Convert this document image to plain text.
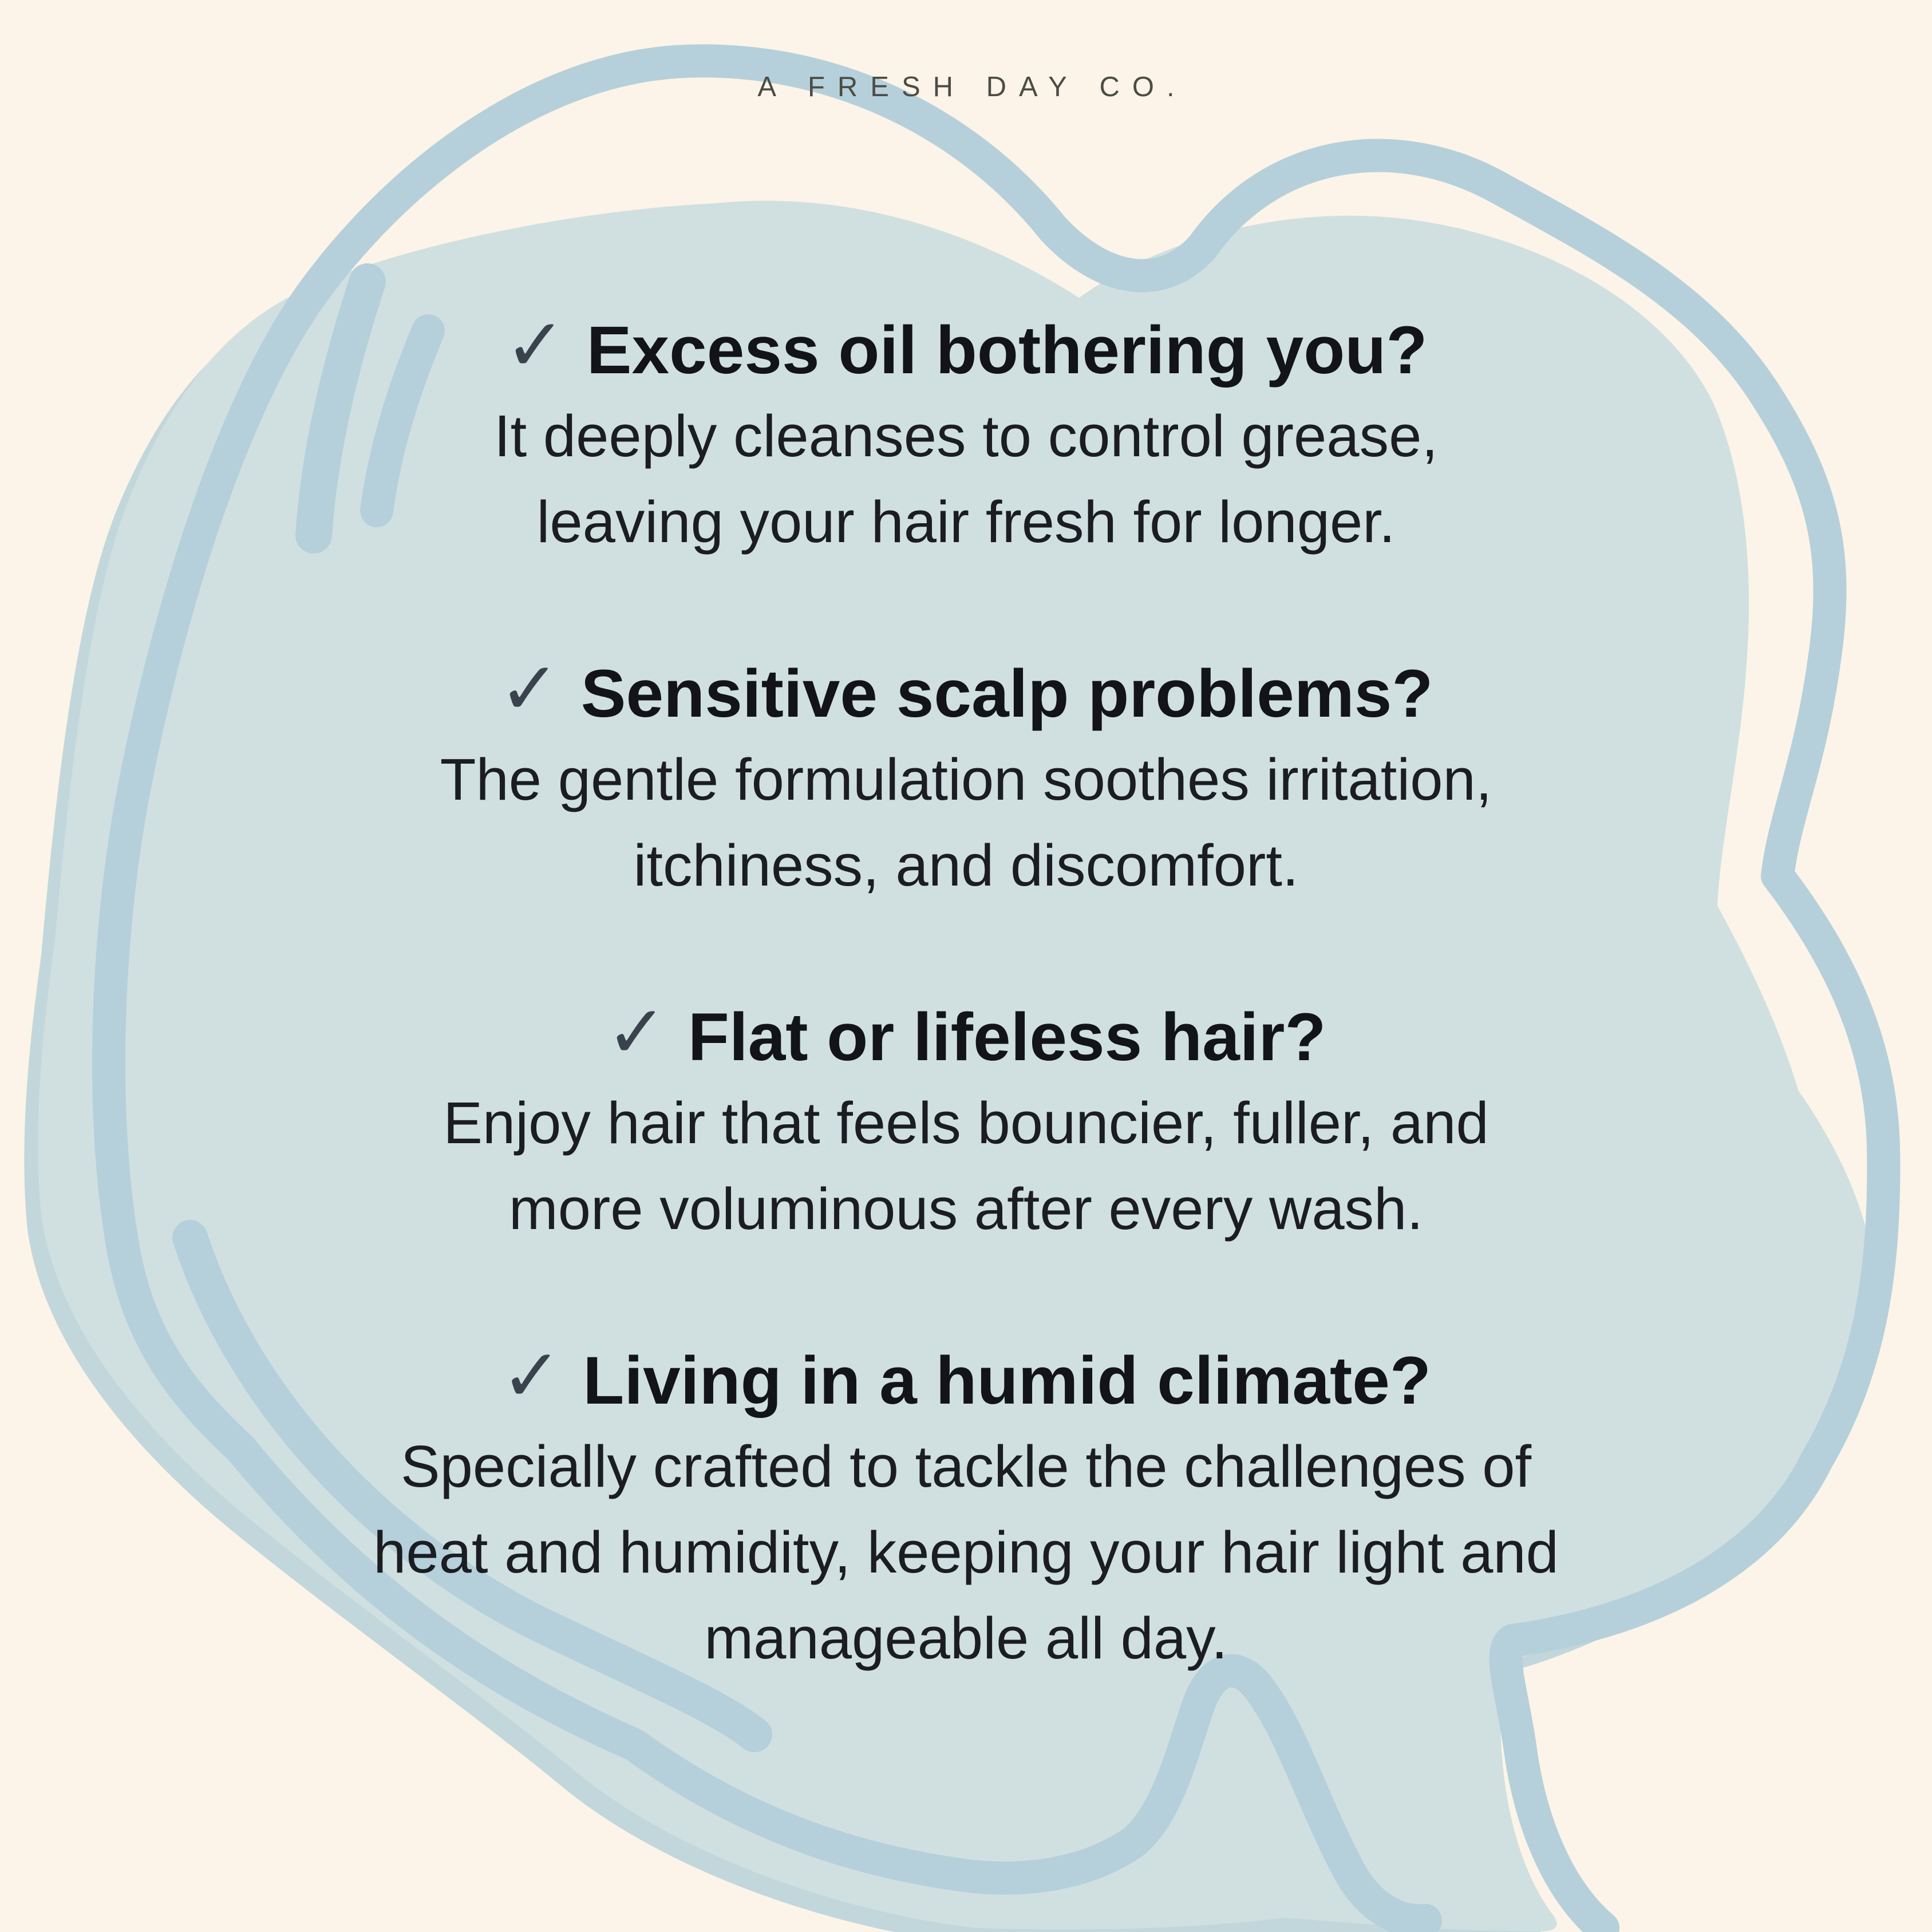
A FRESH DAY CO.
✓ Excess oil bothering you?
It deeply cleanses to control grease,
leaving your hair fresh for longer.
✓ Sensitive scalp problems?
The gentle formulation soothes irritation,
itchiness, and discomfort.
✓ Flat or lifeless hair?
Enjoy hair that feels bouncier, fuller, and
more voluminous after every wash.
✓ Living in a humid climate?
Specially crafted to tackle the challenges of
heat and humidity, keeping your hair light and
manageable all day.
